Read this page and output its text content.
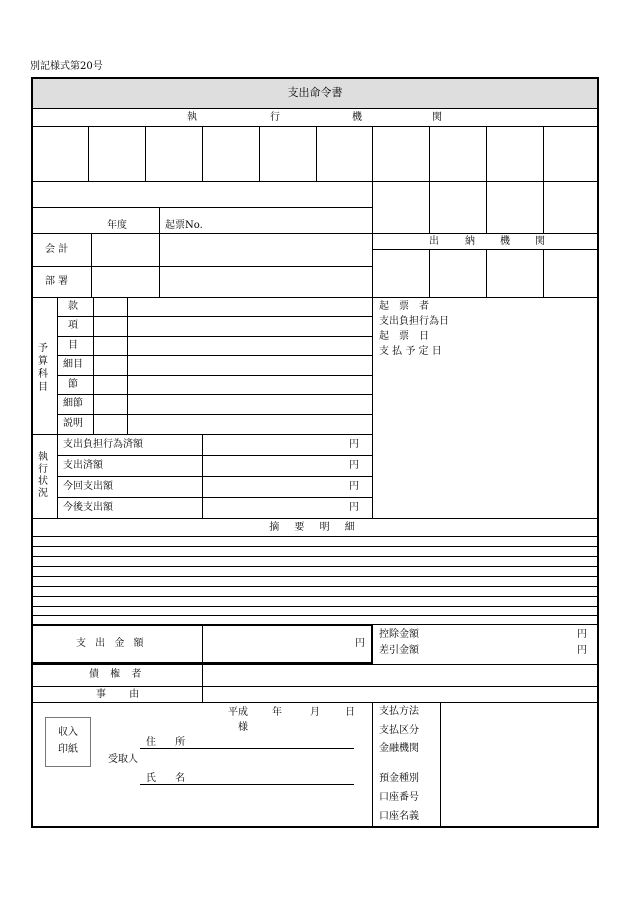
別記様式第20号
支出命令書
執	行	機	関
年度	起票No.
会 計
部 署
出	納	機	関
予算科目
款
項
目
細目
節
細節
説明
起　票　者
支出負担行為日
起　票　日
支 払 予 定 日
執行状況
支出負担行為済額	円
支出済額	円
今回支出額	円
今後支出額	円
摘 要 明 細
支 出 金 額	円
控除金額	円
差引金額	円
債 権 者
事 由
収入
印紙
平成 年	月	日
様
住 所
受取人
氏 名
支払方法
支払区分
金融機関
預金種別
口座番号
口座名義
